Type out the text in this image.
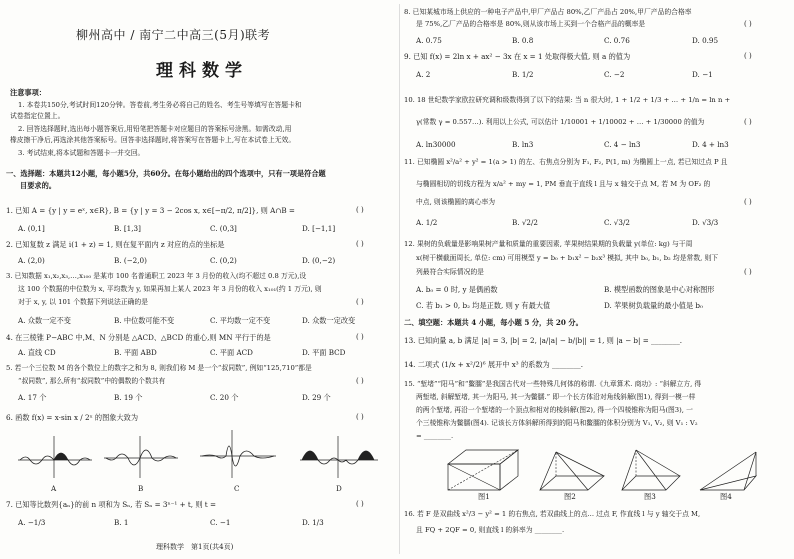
柳州高中 / 南宁二中高三(5月)联考
理科数学
注意事项：
1. 本卷共150分,考试时间120分钟。答卷前,考生务必将自己的姓名、考生号等填写在答题卡和
试卷指定位置上。
2. 回答选择题时,选出每小题答案后,用铅笔把答题卡对应题目的答案标号涂黑。如需改动,用
橡皮擦干净后,再选涂其他答案标号。回答非选择题时,将答案写在答题卡上,写在本试卷上无效。
3. 考试结束,将本试题和答题卡一并交回。
一、选择题：本题共12小题，每小题5分，共60分。在每小题给出的四个选项中，只有一项是符合题
目要求的。
1. 已知 A = {y | y = eˣ, x∈R}, B = {y | y = 3 − 2cos x, x∈[−π/2, π/2]}, 则 A∩B =	( )
A. (0,1]	B. [1,3]	C. (0,3]	D. [−1,1]
2. 已知复数 z 满足 i(1 + z) = 1, 则在复平面内 z 对应的点的坐标是	( )
A. (2,0)	B. (−2,0)	C. (0,2)	D. (0,−2)
3. 已知数据 x₁,x₂,x₃,…,x₁₀₀ 是某市 100 名普通职工 2023 年 3 月份的收入(均不超过 0.8 万元),设
这 100 个数据的中位数为 x, 平均数为 y, 如果再加上某人 2023 年 3 月份的收入 x₁₀₁(约 1 万元), 则
对于 x, y, 以 101 个数据下列说法正确的是	( )
A. 众数一定不变	B. 中位数可能不变	C. 平均数一定不变	D. 众数一定改变
4. 在三棱锥 P−ABC 中,M、N 分别是 △ACD、△BCD 的重心,则 MN 平行于的是	( )
A. 直线 CD	B. 平面 ABD	C. 平面 ACD	D. 平面 BCD
5. 若一个三位数 M 的各个数位上的数字之和为 8, 则我们称 M 是一个“叔同数”, 例如“125,710”都是
“叔同数”, 那么所有“叔同数”中的偶数的个数共有	( )
A. 17 个	B. 19 个	C. 20 个	D. 29 个
6. 函数 f(x) = x·sin x / 2ˣ 的图象大致为	( )
A	B	C	D
7. 已知等比数列{aₙ}的前 n 项和为 Sₙ, 若 Sₙ = 3ⁿ⁻¹ + t, 则 t =	( )
A. −1/3	B. 1	C. −1	D. 1/3
理科数学　第1页(共4页)
8. 已知某城市场上供应的一种电子产品中,甲厂产品占 80%,乙厂产品占 20%,甲厂产品的合格率
是 75%,乙厂产品的合格率是 80%,则从该市场上买到一个合格产品的概率是	( )
A. 0.75	B. 0.8	C. 0.76	D. 0.95
9. 已知 f(x) = 2ln x + ax² − 3x 在 x = 1 处取得极大值, 则 a 的值为	( )
A. 2	B. 1/2	C. −2	D. −1
10. 18 世纪数学家欧拉研究调和级数得到了以下的结果: 当 n 很大时, 1 + 1/2 + 1/3 + … + 1/n = ln n +
γ(常数 γ = 0.557…). 利用以上公式, 可以估计 1/10001 + 1/10002 + … + 1/30000 的值为	( )
A. ln30000	B. ln3	C. 4 − ln3	D. 4 + ln3
11. 已知椭圆 x²/a² + y² = 1(a > 1) 的左、右焦点分别为 F₁, F₂, P(1, m) 为椭圆上一点, 若已知过点 P 且
与椭圆相切的切线方程为 x/a² + my = 1, PM 垂直于直线 l 且与 x 轴交于点 M, 若 M 为 OF₂ 的
中点, 则该椭圆的离心率为	( )
A. 1/2	B. √2/2	C. √3/2	D. √3/3
12. 果树的负载量是影响果树产量和质量的重要因素, 苹果树结果期的负载量 y(单位: kg) 与干周
x(树干横截面周长, 单位: cm) 可用模型 y = b₀ + b₁x² − b₂x³ 模拟, 其中 b₀, b₁, b₂ 均是常数, 则下
列最符合实际情况的是	( )
A. b₀ = 0 时, y 是偶函数	B. 模型函数的图象是中心对称图形
C. 若 b₁ > 0, b₂ 均是正数, 则 y 有最大值	D. 苹果树负载量的最小值是 b₀
二、填空题：本题共 4 小题，每小题 5 分，共 20 分。
13. 已知向量 a, b 满足 |a| = 3, |b| = 2, |a/|a| − b/|b|| = 1, 则 |a − b| = ________.
14. 二项式 (1/x + x²/2)⁶ 展开中 x³ 的系数为 ________.
15. “堑堵”“阳马”和“鳖臑”是我国古代对一些特殊几何体的称谓.《九章算术. 商功》: “斜解立方, 得
两堑堵, 斜解堑堵, 其一为阳马, 其一为鳖臑.” 即一个长方体沿对角线斜解(图1), 得到一模一样
的两个堑堵, 再沿一个堑堵的一个顶点和相对的棱斜解(图2), 得一个四棱锥称为阳马(图3), 一
个三棱锥称为鳖臑(图4). 记该长方体斜解所得到的阳马和鳖臑的体积分别为 V₁, V₂, 则 V₁ : V₂
= ________.
图1	图2	图3	图4
16. 若 F 是双曲线 x²/3 − y² = 1 的右焦点, 若双曲线上的点... 过点 F, 作直线 l 与 y 轴交于点 M,
且 FQ + 2QF = 0, 则直线 l 的斜率为 ________.
